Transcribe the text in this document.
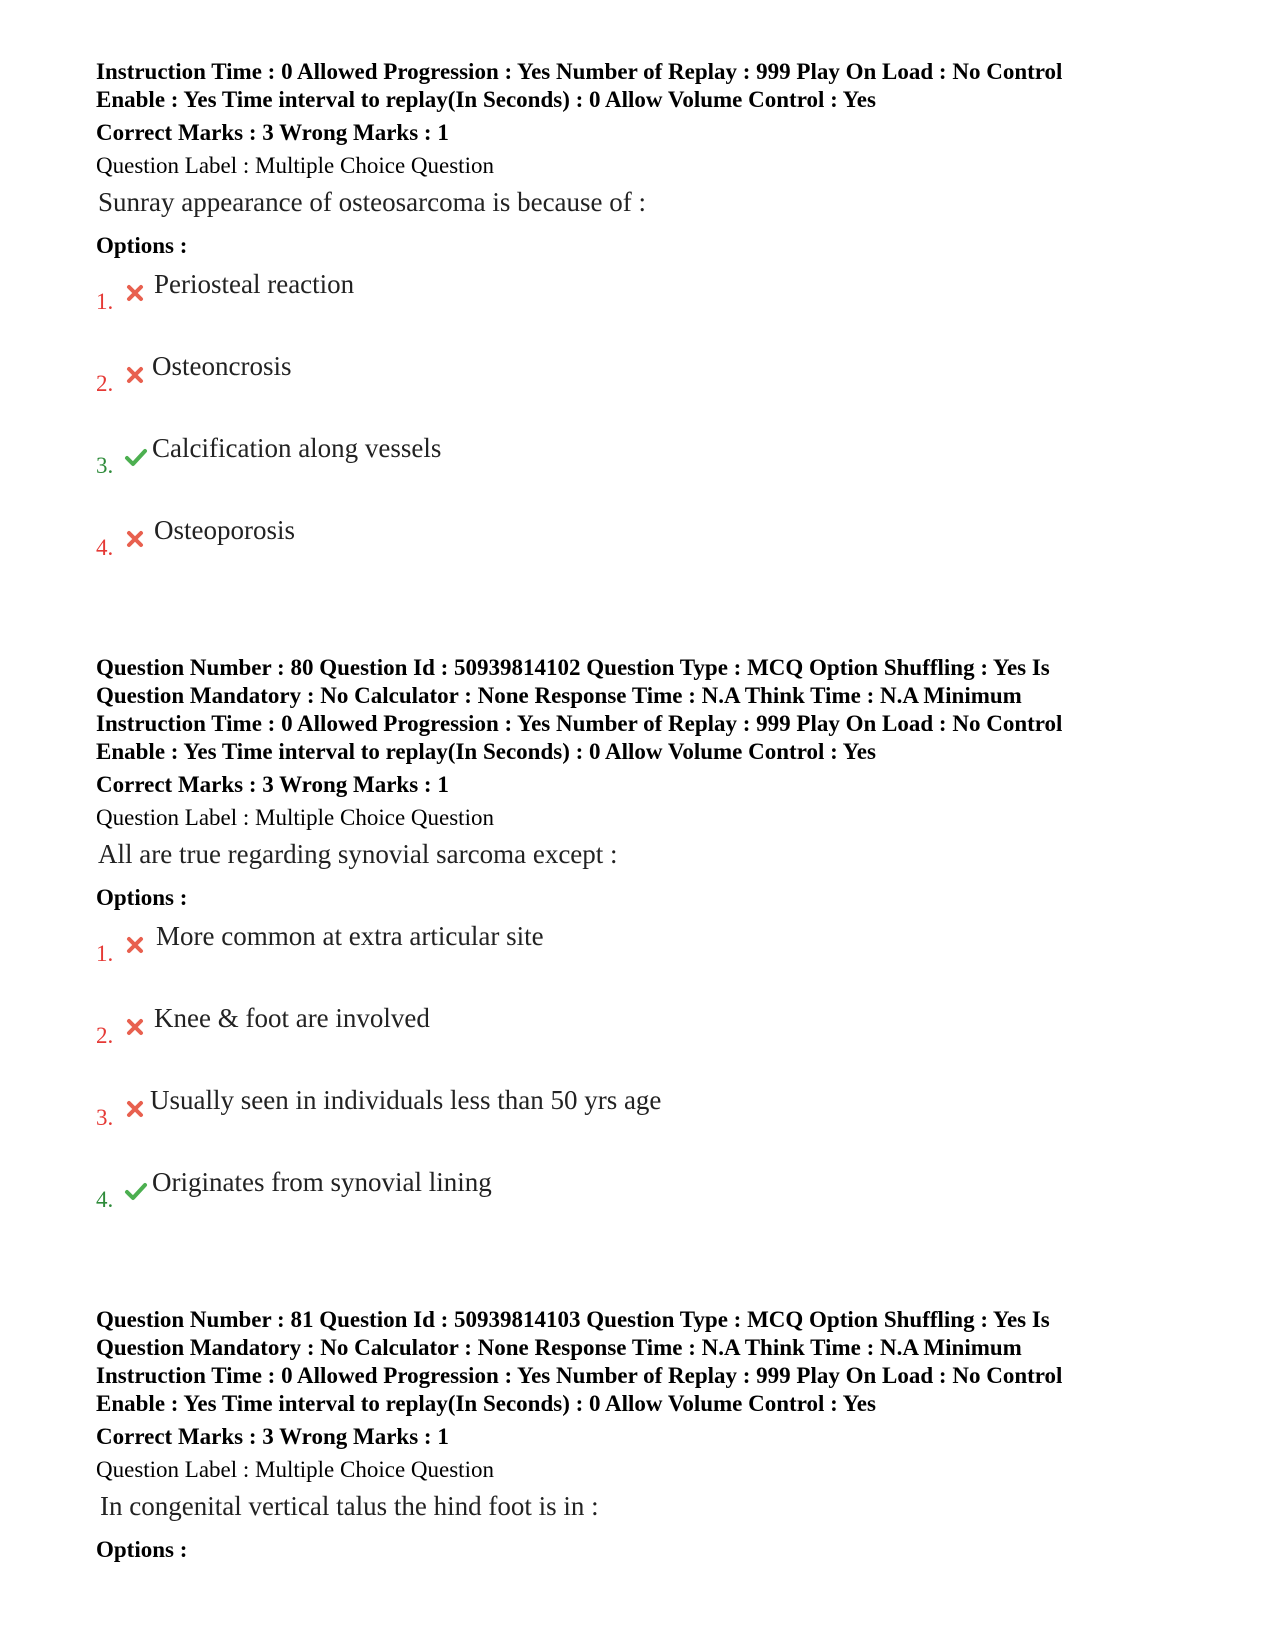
Instruction Time : 0 Allowed Progression : Yes Number of Replay : 999 Play On Load : No Control

Enable : Yes Time interval to replay(In Seconds) : 0 Allow Volume Control : Yes

Correct Marks : 3 Wrong Marks : 1
Question Label : Multiple Choice Question
Sunray appearance of osteosarcoma is because of :
Options :
1.
Periosteal reaction
2.
Osteoncrosis
3.
Calcification along vessels
4.
Osteoporosis

Question Number : 80 Question Id : 50939814102 Question Type : MCQ Option Shuffling : Yes Is

Question Mandatory : No Calculator : None Response Time : N.A Think Time : N.A Minimum

Instruction Time : 0 Allowed Progression : Yes Number of Replay : 999 Play On Load : No Control

Enable : Yes Time interval to replay(In Seconds) : 0 Allow Volume Control : Yes

Correct Marks : 3 Wrong Marks : 1
Question Label : Multiple Choice Question
All are true regarding synovial sarcoma except :
Options :
1.
More common at extra articular site
2.
Knee & foot are involved
3.
Usually seen in individuals less than 50 yrs age
4.
Originates from synovial lining

Question Number : 81 Question Id : 50939814103 Question Type : MCQ Option Shuffling : Yes Is

Question Mandatory : No Calculator : None Response Time : N.A Think Time : N.A Minimum

Instruction Time : 0 Allowed Progression : Yes Number of Replay : 999 Play On Load : No Control

Enable : Yes Time interval to replay(In Seconds) : 0 Allow Volume Control : Yes

Correct Marks : 3 Wrong Marks : 1
Question Label : Multiple Choice Question
In congenital vertical talus the hind foot is in :
Options :
